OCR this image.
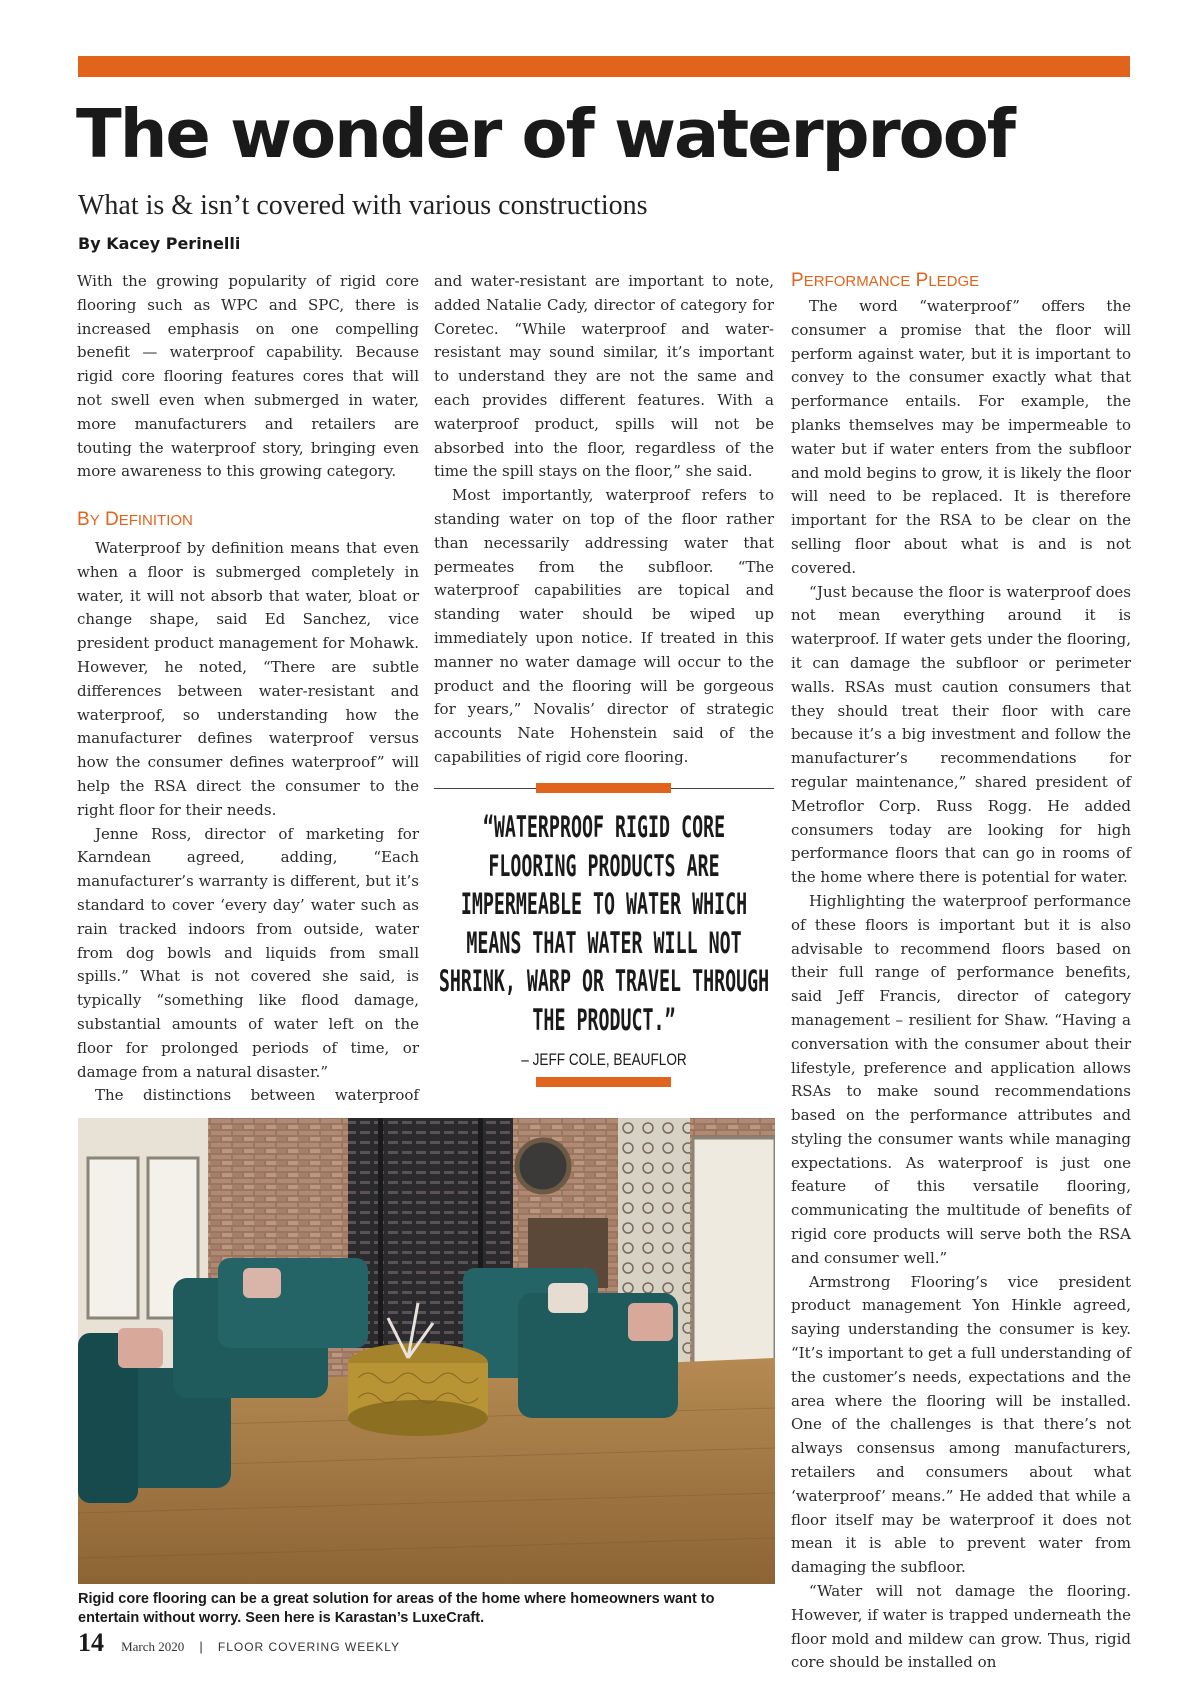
The wonder of waterproof
What is & isn’t covered with various constructions
By Kacey Perinelli

With the growing popularity of rigid core flooring such as WPC and SPC, there is increased emphasis on one compelling benefit — waterproof capability. Because rigid core flooring features cores that will not swell even when submerged in water, more manufacturers and retailers are touting the waterproof story, bringing even more awareness to this growing category.

BY DEFINITION

Waterproof by definition means that even when a floor is submerged completely in water, it will not absorb that water, bloat or change shape, said Ed Sanchez, vice president product management for Mohawk. However, he noted, “There are subtle differences between water-resistant and waterproof, so understanding how the manufacturer defines waterproof versus how the consumer defines waterproof” will help the RSA direct the consumer to the right floor for their needs.

Jenne Ross, director of marketing for Karndean agreed, adding, “Each manufacturer’s warranty is different, but it’s standard to cover ‘every day’ water such as rain tracked indoors from outside, water from dog bowls and liquids from small spills.” What is not covered she said, is typically “something like flood damage, substantial amounts of water left on the floor for prolonged periods of time, or damage from a natural disaster.”

The distinctions between waterproof

and water-resistant are important to note, added Natalie Cady, director of category for Coretec. “While waterproof and water-resistant may sound similar, it’s important to understand they are not the same and each provides different features. With a waterproof product, spills will not be absorbed into the floor, regardless of the time the spill stays on the floor,” she said.

Most importantly, waterproof refers to standing water on top of the floor rather than necessarily addressing water that permeates from the subfloor. “The waterproof capabilities are topical and standing water should be wiped up immediately upon notice. If treated in this manner no water damage will occur to the product and the flooring will be gorgeous for years,” Novalis’ director of strategic accounts Nate Hohenstein said of the capabilities of rigid core flooring.

“WATERPROOF RIGID CORE FLOORING PRODUCTS ARE IMPERMEABLE TO WATER WHICH MEANS THAT WATER WILL NOT SHRINK, WARP OR TRAVEL THROUGH THE PRODUCT.”
– JEFF COLE, BEAUFLOR
PERFORMANCE PLEDGE

The word “waterproof” offers the consumer a promise that the floor will perform against water, but it is important to convey to the consumer exactly what that performance entails. For example, the planks themselves may be impermeable to water but if water enters from the subfloor and mold begins to grow, it is likely the floor will need to be replaced. It is therefore important for the RSA to be clear on the selling floor about what is and is not covered.

“Just because the floor is waterproof does not mean everything around it is waterproof. If water gets under the flooring, it can damage the subfloor or perimeter walls. RSAs must caution consumers that they should treat their floor with care because it’s a big investment and follow the manufacturer’s recommendations for regular maintenance,” shared president of Metroflor Corp. Russ Rogg. He added consumers today are looking for high performance floors that can go in rooms of the home where there is potential for water.

Highlighting the waterproof performance of these floors is important but it is also advisable to recommend floors based on their full range of performance benefits, said Jeff Francis, director of category management – resilient for Shaw. “Having a conversation with the consumer about their lifestyle, preference and application allows RSAs to make sound recommendations based on the performance attributes and styling the consumer wants while managing expectations. As waterproof is just one feature of this versatile flooring, communicating the multitude of benefits of rigid core products will serve both the RSA and consumer well.”

Armstrong Flooring’s vice president product management Yon Hinkle agreed, saying understanding the consumer is key. “It’s important to get a full understanding of the customer’s needs, expectations and the area where the flooring will be installed. One of the challenges is that there’s not always consensus among manufacturers, retailers and consumers about what ‘waterproof’ means.” He added that while a floor itself may be waterproof it does not mean it is able to prevent water from damaging the subfloor.

“Water will not damage the flooring. However, if water is trapped underneath the floor mold and mildew can grow. Thus, rigid core should be installed on

Rigid core flooring can be a great solution for areas of the home where homeowners want to entertain without worry. Seen here is Karastan’s LuxeCraft.
14 March 2020 | FLOOR COVERING WEEKLY
